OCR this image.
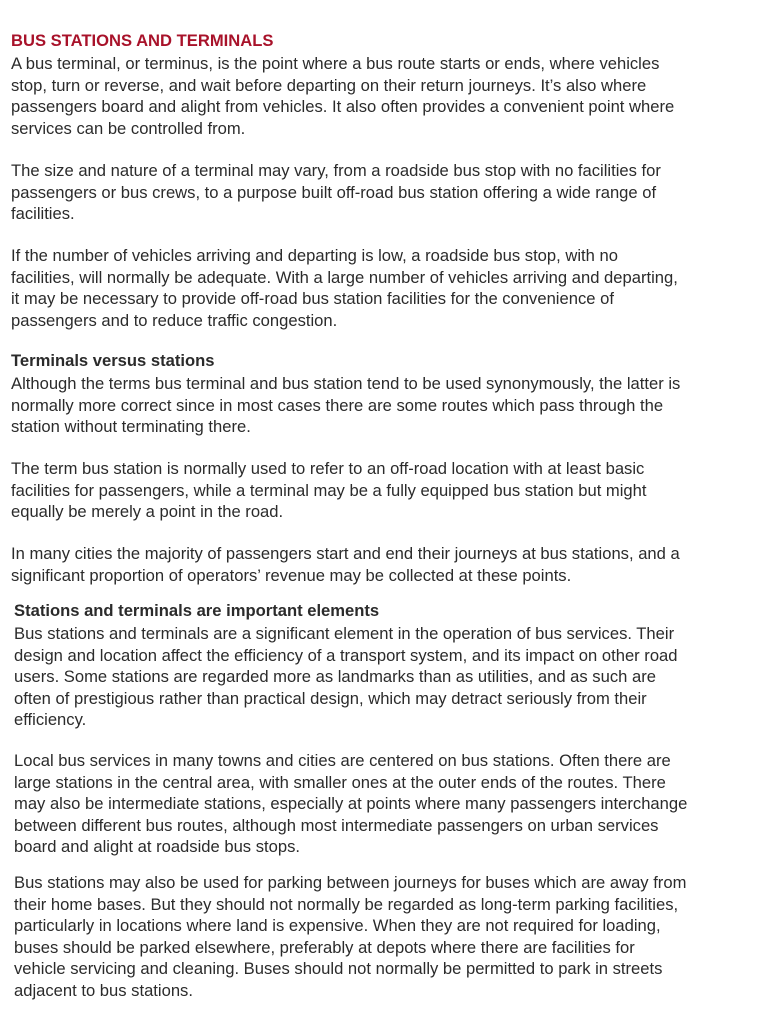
BUS STATIONS AND TERMINALS

A bus terminal, or terminus, is the point where a bus route starts or ends, where vehicles
stop, turn or reverse, and wait before departing on their return journeys. It’s also where
passengers board and alight from vehicles. It also often provides a convenient point where
services can be controlled from.

The size and nature of a terminal may vary, from a roadside bus stop with no facilities for
passengers or bus crews, to a purpose built off-road bus station offering a wide range of
facilities.

If the number of vehicles arriving and departing is low, a roadside bus stop, with no
facilities, will normally be adequate. With a large number of vehicles arriving and departing,
it may be necessary to provide off-road bus station facilities for the convenience of
passengers and to reduce traffic congestion.

Terminals versus stations

Although the terms bus terminal and bus station tend to be used synonymously, the latter is
normally more correct since in most cases there are some routes which pass through the
station without terminating there.

The term bus station is normally used to refer to an off-road location with at least basic
facilities for passengers, while a terminal may be a fully equipped bus station but might
equally be merely a point in the road.

In many cities the majority of passengers start and end their journeys at bus stations, and a
significant proportion of operators’ revenue may be collected at these points.

Stations and terminals are important elements

Bus stations and terminals are a significant element in the operation of bus services. Their
design and location affect the efficiency of a transport system, and its impact on other road
users. Some stations are regarded more as landmarks than as utilities, and as such are
often of prestigious rather than practical design, which may detract seriously from their
efficiency.

Local bus services in many towns and cities are centered on bus stations. Often there are
large stations in the central area, with smaller ones at the outer ends of the routes. There
may also be intermediate stations, especially at points where many passengers interchange
between different bus routes, although most intermediate passengers on urban services
board and alight at roadside bus stops.

Bus stations may also be used for parking between journeys for buses which are away from
their home bases. But they should not normally be regarded as long-term parking facilities,
particularly in locations where land is expensive. When they are not required for loading,
buses should be parked elsewhere, preferably at depots where there are facilities for
vehicle servicing and cleaning. Buses should not normally be permitted to park in streets
adjacent to bus stations.
